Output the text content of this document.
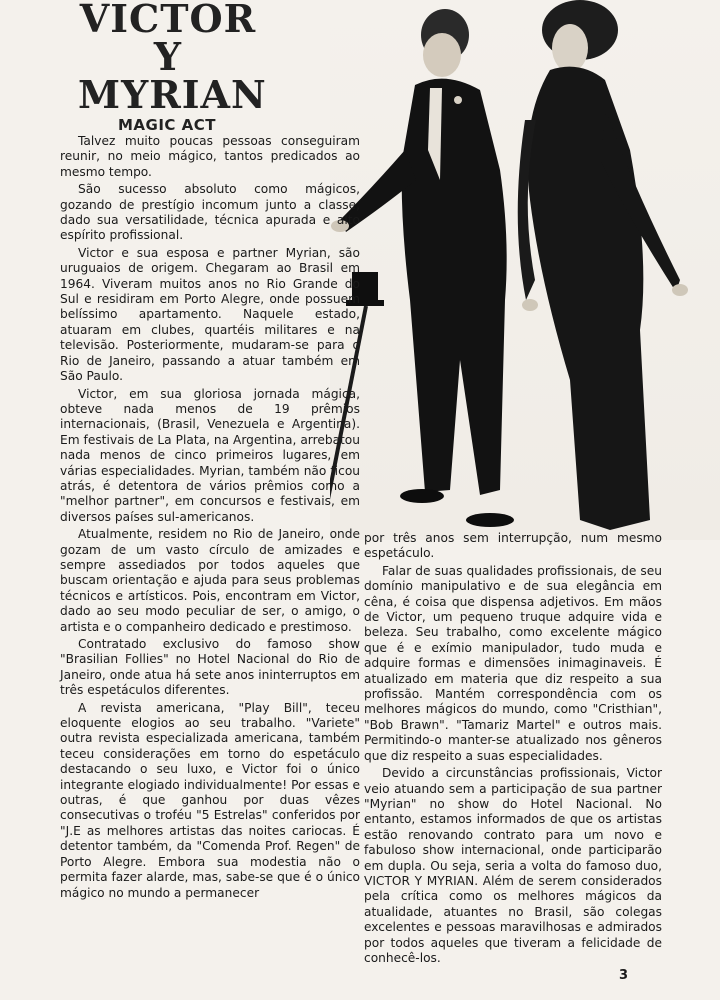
VICTOR
Y
MYRIAN
MAGIC ACT

Talvez muito poucas pessoas conseguiram reunir, no meio mágico, tantos predicados ao mesmo tempo.

São sucesso absoluto como mágicos, gozando de prestígio incomum junto a classe, dado sua versatilidade, técnica apurada e alto espírito profissional.

Victor e sua esposa e partner Myrian, são uruguaios de origem. Chegaram ao Brasil em 1964. Viveram muitos anos no Rio Grande do Sul e residiram em Porto Alegre, onde possuem belíssimo apartamento. Naquele estado, atuaram em clubes, quartéis militares e na televisão. Posteriormente, mudaram-se para o Rio de Janeiro, passando a atuar também em São Paulo.

Victor, em sua gloriosa jornada mágica, obteve nada menos de 19 prêmios internacionais, (Brasil, Venezuela e Argentina). Em festivais de La Plata, na Argentina, arrebatou nada menos de cinco primeiros lugares, em várias especialidades. Myrian, também não ficou atrás, é detentora de vários prêmios como a "melhor partner", em concursos e festivais, em diversos países sul-americanos.

Atualmente, residem no Rio de Janeiro, onde gozam de um vasto círculo de amizades e sempre assediados por todos aqueles que buscam orientação e ajuda para seus problemas técnicos e artísticos. Pois, encontram em Victor, dado ao seu modo peculiar de ser, o amigo, o artista e o companheiro dedicado e prestimoso.

Contratado exclusivo do famoso show "Brasilian Follies" no Hotel Nacional do Rio de Janeiro, onde atua há sete anos ininterruptos em três espetáculos diferentes.

A revista americana, "Play Bill", teceu eloquente elogios ao seu trabalho. "Variete" outra revista especializada americana, também teceu considerações em torno do espetáculo destacando o seu luxo, e Victor foi o único integrante elogiado individualmente! Por essas e outras, é que ganhou por duas vêzes consecutivas o troféu "5 Estrelas" conferidos por "J.E as melhores artistas das noites cariocas. É detentor também, da "Comenda Prof. Regen" de Porto Alegre. Embora sua modestia não o permita fazer alarde, mas, sabe-se que é o único mágico no mundo a permanecer

por três anos sem interrupção, num mesmo espetáculo.

Falar de suas qualidades profissionais, de seu domínio manipulativo e de sua elegância em cêna, é coisa que dispensa adjetivos. Em mãos de Victor, um pequeno truque adquire vida e beleza. Seu trabalho, como excelente mágico que é e exímio manipulador, tudo muda e adquire formas e dimensões inimaginaveis. É atualizado em materia que diz respeito a sua profissão. Mantém correspondência com os melhores mágicos do mundo, como "Cristhian", "Bob Brawn". "Tamariz Martel" e outros mais. Permitindo-o manter-se atualizado nos gêneros que diz respeito a suas especialidades.

Devido a circunstâncias profissionais, Victor veio atuando sem a participação de sua partner "Myrian" no show do Hotel Nacional. No entanto, estamos informados de que os artistas estão renovando contrato para um novo e fabuloso show internacional, onde participarão em dupla. Ou seja, seria a volta do famoso duo, VICTOR Y MYRIAN. Além de serem considerados pela crítica como os melhores mágicos da atualidade, atuantes no Brasil, são colegas excelentes e pessoas maravilhosas e admirados por todos aqueles que tiveram a felicidade de conhecê-los.

3
